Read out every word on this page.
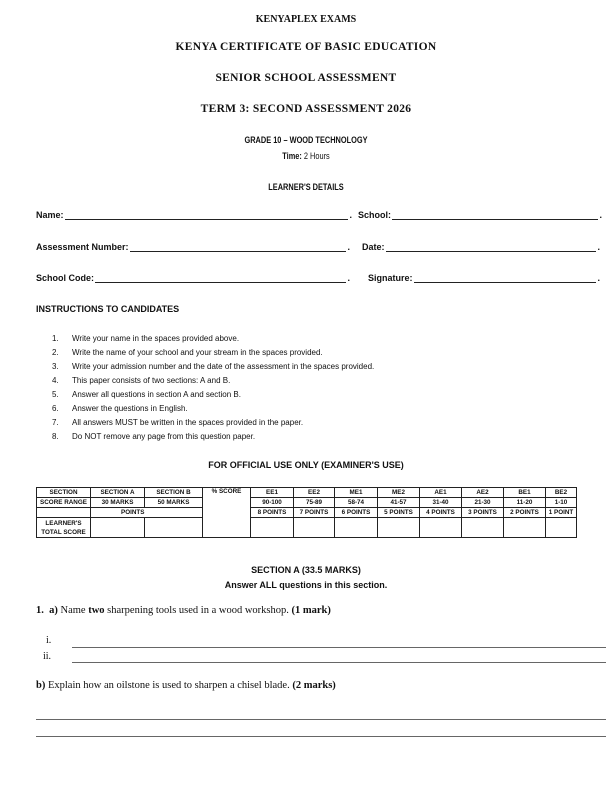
KENYAPLEX EXAMS
KENYA CERTIFICATE OF BASIC EDUCATION
SENIOR SCHOOL ASSESSMENT
TERM 3: SECOND ASSESSMENT 2026
GRADE 10 – WOOD TECHNOLOGY
Time: 2 Hours
LEARNER'S DETAILS
Name:	. School:	.
Assessment Number:	. Date:	.
School Code:	. Signature:	.
INSTRUCTIONS TO CANDIDATES
1. Write your name in the spaces provided above.
2. Write the name of your school and your stream in the spaces provided.
3. Write your admission number and the date of the assessment in the spaces provided.
4. This paper consists of two sections: A and B.
5. Answer all questions in section A and section B.
6. Answer the questions in English.
7. All answers MUST be written in the spaces provided in the paper.
8. Do NOT remove any page from this question paper.
FOR OFFICIAL USE ONLY (EXAMINER'S USE)
SECTION	SECTION A	SECTION B	% SCORE	EE1	EE2	ME1	ME2	AE1	AE2	BE1	BE2
SCORE RANGE	30 MARKS	50 MARKS		90-100	75-89	58-74	41-57	31-40	21-30	11-20	1-10
	POINTS			8 POINTS	7 POINTS	6 POINTS	5 POINTS	4 POINTS	3 POINTS	2 POINTS	1 POINT

LEARNER'S
TOTAL SCORE											

SECTION A (33.5 MARKS)
Answer ALL questions in this section.
1. a) Name two sharpening tools used in a wood workshop. (1 mark)
i.
ii.
b) Explain how an oilstone is used to sharpen a chisel blade. (2 marks)
